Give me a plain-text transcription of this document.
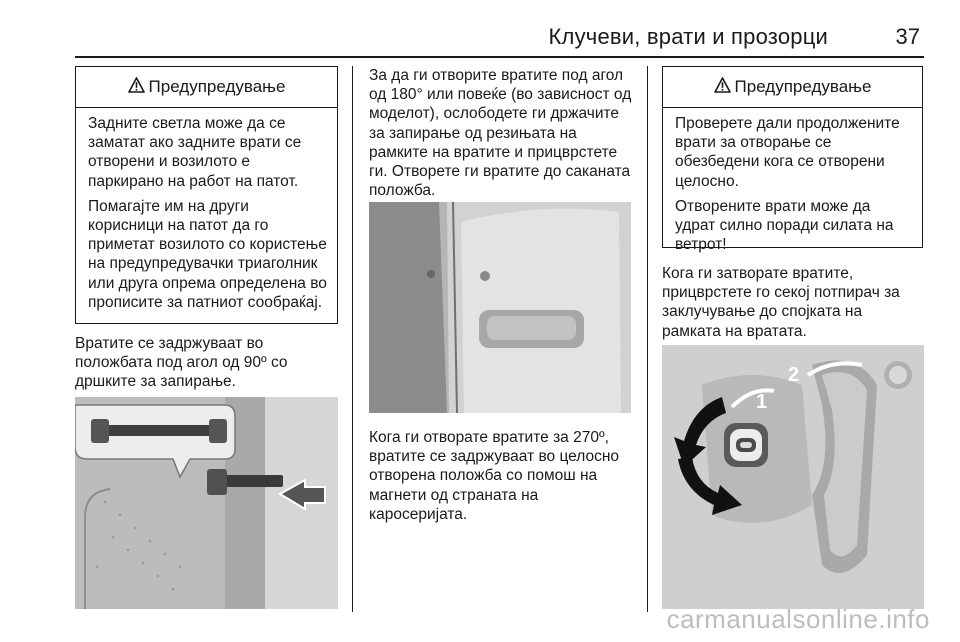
Клучеви, врати и прозорци	37
Предупредување

Задните светла може да се заматат ако задните врати се отворени и возилото е паркирано на работ на патот.

Помагајте им на други корисници на патот да го приметат возилото со користење на предупредувачки триаголник или друга опрема определена во прописите за патниот сообраќај.

Вратите се задржуваат во положбата под агол од 90º со дршките за запирање.

За да ги отворите вратите под агол од 180° или повеќе (во зависност од моделот), ослободете ги држачите за запирање од резињата на рамките на вратите и прицврстете ги. Отворете ги вратите до саканата положба.

Кога ги отворате вратите за 270º, вратите се задржуваат во целосно отворена положба со помош на магнети од страната на каросеријата.

Предупредување

Проверете дали продолжените врати за отворање се обезбедени кога се отворени целосно.

Отворените врати може да удрат силно поради силата на ветрот!

Кога ги затворате вратите, прицврстете го секој потпирач за заклучување до спојката на рамката на вратата.

1
2
carmanualsonline.info
